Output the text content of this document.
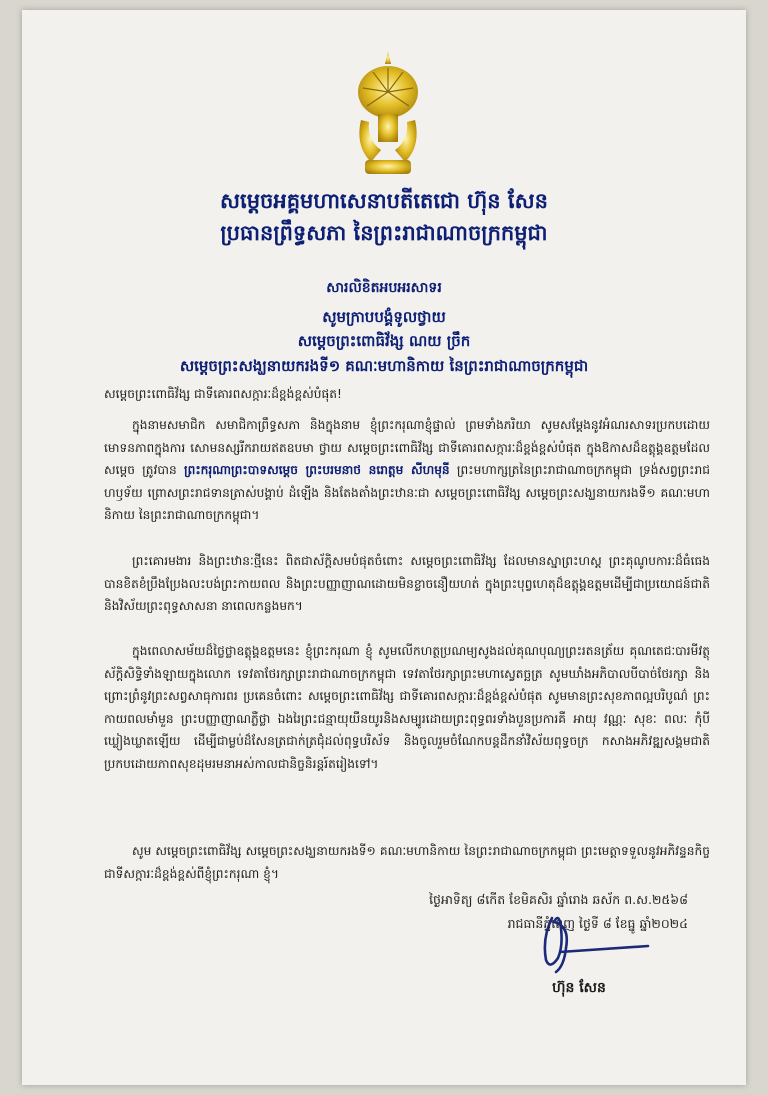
សម្តេចអគ្គមហាសេនាបតីតេជោ ហ៊ុន សែន
ប្រធានព្រឹទ្ធសភា នៃព្រះរាជាណាចក្រកម្ពុជា
សារលិខិតអបអរសាទរ
សូមក្រាបបង្គំទូលថ្វាយ
សម្តេចព្រះពោធិវ័ង្ស ណយ ច្រឹក
សម្តេចព្រះសង្ឃនាយករងទី១ គណៈមហានិកាយ នៃព្រះរាជាណាចក្រកម្ពុជា
សម្តេចព្រះពោធិវ័ង្ស ជាទីគោរពសក្ការៈដ៏ខ្ពង់ខ្ពស់បំផុត!
ក្នុងនាមសមាជិក សមាជិកាព្រឹទ្ធសភា និងក្នុងនាម ខ្ញុំព្រះករុណាខ្ញុំផ្ទាល់ ព្រមទាំងភរិយា សូមសម្តែងនូវអំណរសាទរប្រកបដោយមោទនភាពក្នុងការ សោមនស្សរីករាយឥតឧបមា ថ្វាយ សម្តេចព្រះពោធិវ័ង្ស ជាទីគោរពសក្ការៈដ៏ខ្ពង់ខ្ពស់បំផុត ក្នុងឱកាសដ៏ឧត្តុង្គឧត្តមដែល សម្តេច ត្រូវបាន ព្រះករុណាព្រះបាទសម្តេច ព្រះបរមនាថ នរោត្តម សីហមុនី ព្រះមហាក្សត្រនៃព្រះរាជាណាចក្រកម្ពុជា ទ្រង់សព្វព្រះរាជហឫទ័យ ព្រោសព្រះរាជទានត្រាស់បង្គាប់ ដំឡើង និងតែងតាំងព្រះឋានៈជា សម្តេចព្រះពោធិវ័ង្ស សម្តេចព្រះសង្ឃនាយករងទី១ គណៈមហានិកាយ នៃព្រះរាជាណាចក្រកម្ពុជា។
ព្រះគោរមងារ និងព្រះឋានៈថ្មីនេះ ពិតជាស័ក្តិសមបំផុតចំពោះ សម្តេចព្រះពោធិវ័ង្ស ដែលមានស្នាព្រះហស្ត ព្រះគុណូបការៈដ៏ធំធេង បានខិតខំប្រឹងប្រែងលះបង់ព្រះកាយពល និងព្រះបញ្ញាញាណដោយមិនខ្លាចនឿយហត់ ក្នុងព្រះបុព្វហេតុដ៏ឧត្តុង្គឧត្តមដើម្បីជាប្រយោជន៍ជាតិ និងវិស័យព្រះពុទ្ធសាសនា នាពេលកន្លងមក។
ក្នុងពេលាសម័យដ៏ថ្លៃថ្លាឧត្តុង្គឧត្តមនេះ ខ្ញុំព្រះករុណា ខ្ញុំ សូមលើកហត្ថប្រណម្យសូងដល់គុណបុណ្យព្រះរតនត្រ័យ គុណតេជៈបារមីវត្ថុស័ក្តិសិទ្ធិទាំងឡាយក្នុងលោក ទេវតាថែរក្សាព្រះរាជាណាចក្រកម្ពុជា ទេវតាថែរក្សាព្រះមហាស្វេតច្ឆត្រ សូមឃាំងអភិបាលបីបាច់ថែរក្សា និងព្រោះព្រំនូវព្រះសព្វសាធុការពរ ប្រគេនចំពោះ សម្តេចព្រះពោធិវ័ង្ស ជាទីគោរពសក្ការៈដ៏ខ្ពង់ខ្ពស់បំផុត សូមមានព្រះសុខភាពល្អបរិបូណ៌ ព្រះកាយពលមាំមួន ព្រះបញ្ញាញាណភ្លឺថ្លា ឯងរៃព្រះជន្មាយុយឺនយូរនិងសម្បូរដោយព្រះពុទ្ធពរទាំងបួនប្រការគឺ អាយុ វណ្ណៈ សុខៈ ពលៈ កុំបីឃ្លៀងឃ្លាតឡើយ ដើម្បីជាម្លប់ដ៏សែនត្រជាក់ត្រជុំដល់ពុទ្ធបរិស័ទ និងចូលរួមចំណែកបន្តដឹកនាំវិស័យពុទ្ធចក្រ កសាងអភិវឌ្ឍសង្គមជាតិ ប្រកបដោយភាពសុខដុមរមនាអស់កាលជានិច្ចនិរន្តរ៍តរៀងទៅ។
សូម សម្តេចព្រះពោធិវ័ង្ស សម្តេចព្រះសង្ឃនាយករងទី១ គណៈមហានិកាយ នៃព្រះរាជាណាចក្រកម្ពុជា ព្រះមេត្តាទទួលនូវអភិវន្ទនកិច្ចជាទីសក្ការៈដ៏ខ្ពង់ខ្ពស់ពីខ្ញុំព្រះករុណា ខ្ញុំ។
ថ្ងៃអាទិត្យ ៨កើត ខែមិគសិរ ឆ្នាំរោង ឆស័ក ព.ស.២៥៦៨
រាជធានីភ្នំពេញ ថ្ងៃទី ៨ ខែធ្នូ ឆ្នាំ២០២៤
ហ៊ុន សែន
